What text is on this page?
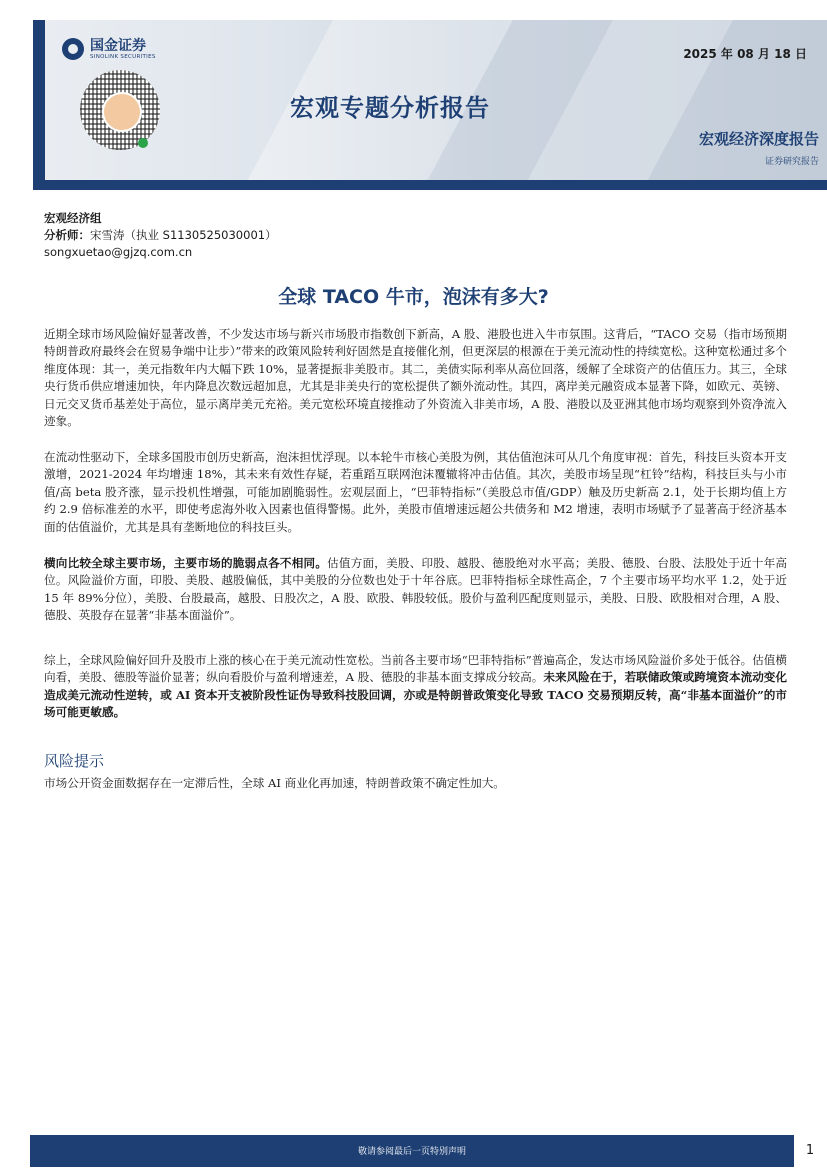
国金证券
SINOLINK SECURITIES	2025 年 08 月 18 日
宏观专题分析报告
宏观经济深度报告
证券研究报告
宏观经济组
分析师：宋雪涛（执业 S1130525030001）
songxuetao@gjzq.com.cn
全球 TACO 牛市，泡沫有多大?

近期全球市场风险偏好显著改善，不少发达市场与新兴市场股市指数创下新高，A 股、港股也进入牛市氛围。这背后，“TACO 交易（指市场预期特朗普政府最终会在贸易争端中让步）”带来的政策风险转利好固然是直接催化剂，但更深层的根源在于美元流动性的持续宽松。这种宽松通过多个维度体现：其一，美元指数年内大幅下跌 10%，显著提振非美股市。其二，美债实际利率从高位回落，缓解了全球资产的估值压力。其三，全球央行货币供应增速加快，年内降息次数远超加息，尤其是非美央行的宽松提供了额外流动性。其四，离岸美元融资成本显著下降，如欧元、英镑、日元交叉货币基差处于高位，显示离岸美元充裕。美元宽松环境直接推动了外资流入非美市场，A 股、港股以及亚洲其他市场均观察到外资净流入迹象。

在流动性驱动下，全球多国股市创历史新高，泡沫担忧浮现。以本轮牛市核心美股为例，其估值泡沫可从几个角度审视：首先，科技巨头资本开支激增，2021-2024 年均增速 18%，其未来有效性存疑，若重蹈互联网泡沫覆辙将冲击估值。其次，美股市场呈现“杠铃”结构，科技巨头与小市值/高 beta 股齐涨，显示投机性增强，可能加剧脆弱性。宏观层面上，“巴菲特指标”（美股总市值/GDP）触及历史新高 2.1，处于长期均值上方约 2.9 倍标准差的水平，即使考虑海外收入因素也值得警惕。此外，美股市值增速远超公共债务和 M2 增速，表明市场赋予了显著高于经济基本面的估值溢价，尤其是具有垄断地位的科技巨头。

横向比较全球主要市场，主要市场的脆弱点各不相同。估值方面，美股、印股、越股、德股绝对水平高；美股、德股、台股、法股处于近十年高位。风险溢价方面，印股、美股、越股偏低，其中美股的分位数也处于十年谷底。巴菲特指标全球性高企，7 个主要市场平均水平 1.2，处于近 15 年 89%分位），美股、台股最高，越股、日股次之，A 股、欧股、韩股较低。股价与盈利匹配度则显示，美股、日股、欧股相对合理，A 股、德股、英股存在显著“非基本面溢价”。

综上，全球风险偏好回升及股市上涨的核心在于美元流动性宽松。当前各主要市场“巴菲特指标”普遍高企，发达市场风险溢价多处于低谷。估值横向看，美股、德股等溢价显著；纵向看股价与盈利增速差，A 股、德股的非基本面支撑成分较高。未来风险在于，若联储政策或跨境资本流动变化造成美元流动性逆转，或 AI 资本开支被阶段性证伪导致科技股回调，亦或是特朗普政策变化导致 TACO 交易预期反转，高“非基本面溢价”的市场可能更敏感。

风险提示
市场公开资金面数据存在一定滞后性，全球 AI 商业化再加速，特朗普政策不确定性加大。
敬请参阅最后一页特别声明	1
